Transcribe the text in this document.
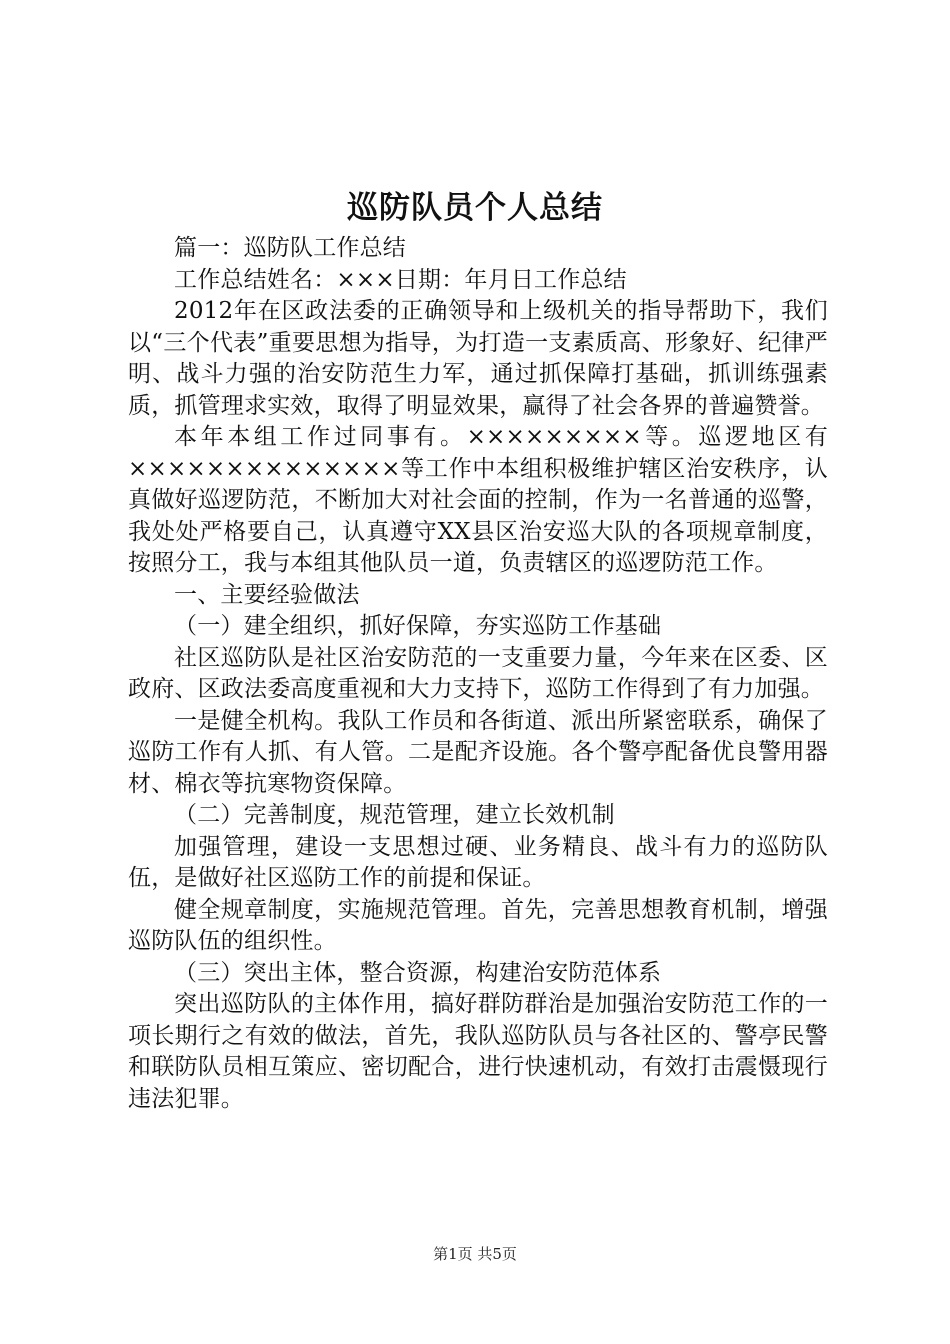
巡防队员个人总结

篇一：巡防队工作总结

工作总结姓名：×××日期：年月日工作总结

2012年在区政法委的正确领导和上级机关的指导帮助下，我们以“三个代表”重要思想为指导，为打造一支素质高、形象好、纪律严明、战斗力强的治安防范生力军，通过抓保障打基础，抓训练强素质，抓管理求实效，取得了明显效果，赢得了社会各界的普遍赞誉。

本年本组工作过同事有。×××××××××等。巡逻地区有××××××××××××××等工作中本组积极维护辖区治安秩序，认真做好巡逻防范，不断加大对社会面的控制，作为一名普通的巡警，我处处严格要自己，认真遵守XX县区治安巡大队的各项规章制度，按照分工，我与本组其他队员一道，负责辖区的巡逻防范工作。

一、主要经验做法

（一）建全组织，抓好保障，夯实巡防工作基础

社区巡防队是社区治安防范的一支重要力量，今年来在区委、区政府、区政法委高度重视和大力支持下，巡防工作得到了有力加强。

一是健全机构。我队工作员和各街道、派出所紧密联系，确保了巡防工作有人抓、有人管。二是配齐设施。各个警亭配备优良警用器材、棉衣等抗寒物资保障。

（二）完善制度，规范管理，建立长效机制

加强管理，建设一支思想过硬、业务精良、战斗有力的巡防队伍，是做好社区巡防工作的前提和保证。

健全规章制度，实施规范管理。首先，完善思想教育机制，增强巡防队伍的组织性。

（三）突出主体，整合资源，构建治安防范体系

突出巡防队的主体作用，搞好群防群治是加强治安防范工作的一项长期行之有效的做法，首先，我队巡防队员与各社区的、警亭民警和联防队员相互策应、密切配合，进行快速机动，有效打击震慑现行违法犯罪。

第1页 共5页
